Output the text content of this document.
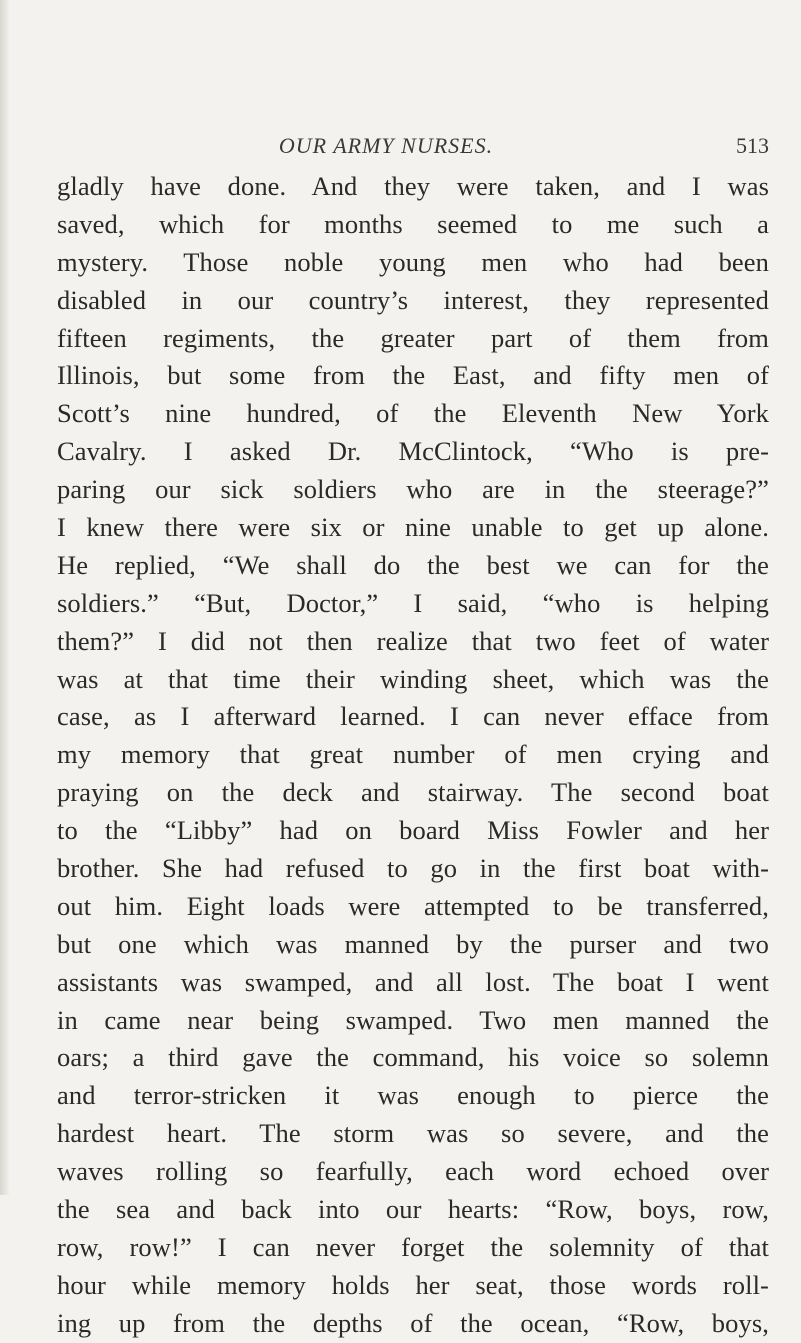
OUR ARMY NURSES.	513
gladly have done. And they were taken, and I was
saved, which for months seemed to me such a
mystery. Those noble young men who had been
disabled in our country’s interest, they represented
fifteen regiments, the greater part of them from
Illinois, but some from the East, and fifty men of
Scott’s nine hundred, of the Eleventh New York
Cavalry. I asked Dr. McClintock, “Who is pre-
paring our sick soldiers who are in the steerage?”
I knew there were six or nine unable to get up alone.
He replied, “We shall do the best we can for the
soldiers.” “But, Doctor,” I said, “who is helping
them?” I did not then realize that two feet of water
was at that time their winding sheet, which was the
case, as I afterward learned. I can never efface from
my memory that great number of men crying and
praying on the deck and stairway. The second boat
to the “Libby” had on board Miss Fowler and her
brother. She had refused to go in the first boat with-
out him. Eight loads were attempted to be transferred,
but one which was manned by the purser and two
assistants was swamped, and all lost. The boat I went
in came near being swamped. Two men manned the
oars; a third gave the command, his voice so solemn
and terror-stricken it was enough to pierce the
hardest heart. The storm was so severe, and the
waves rolling so fearfully, each word echoed over
the sea and back into our hearts: “Row, boys, row,
row, row!” I can never forget the solemnity of that
hour while memory holds her seat, those words roll-
ing up from the depths of the ocean, “Row, boys,
